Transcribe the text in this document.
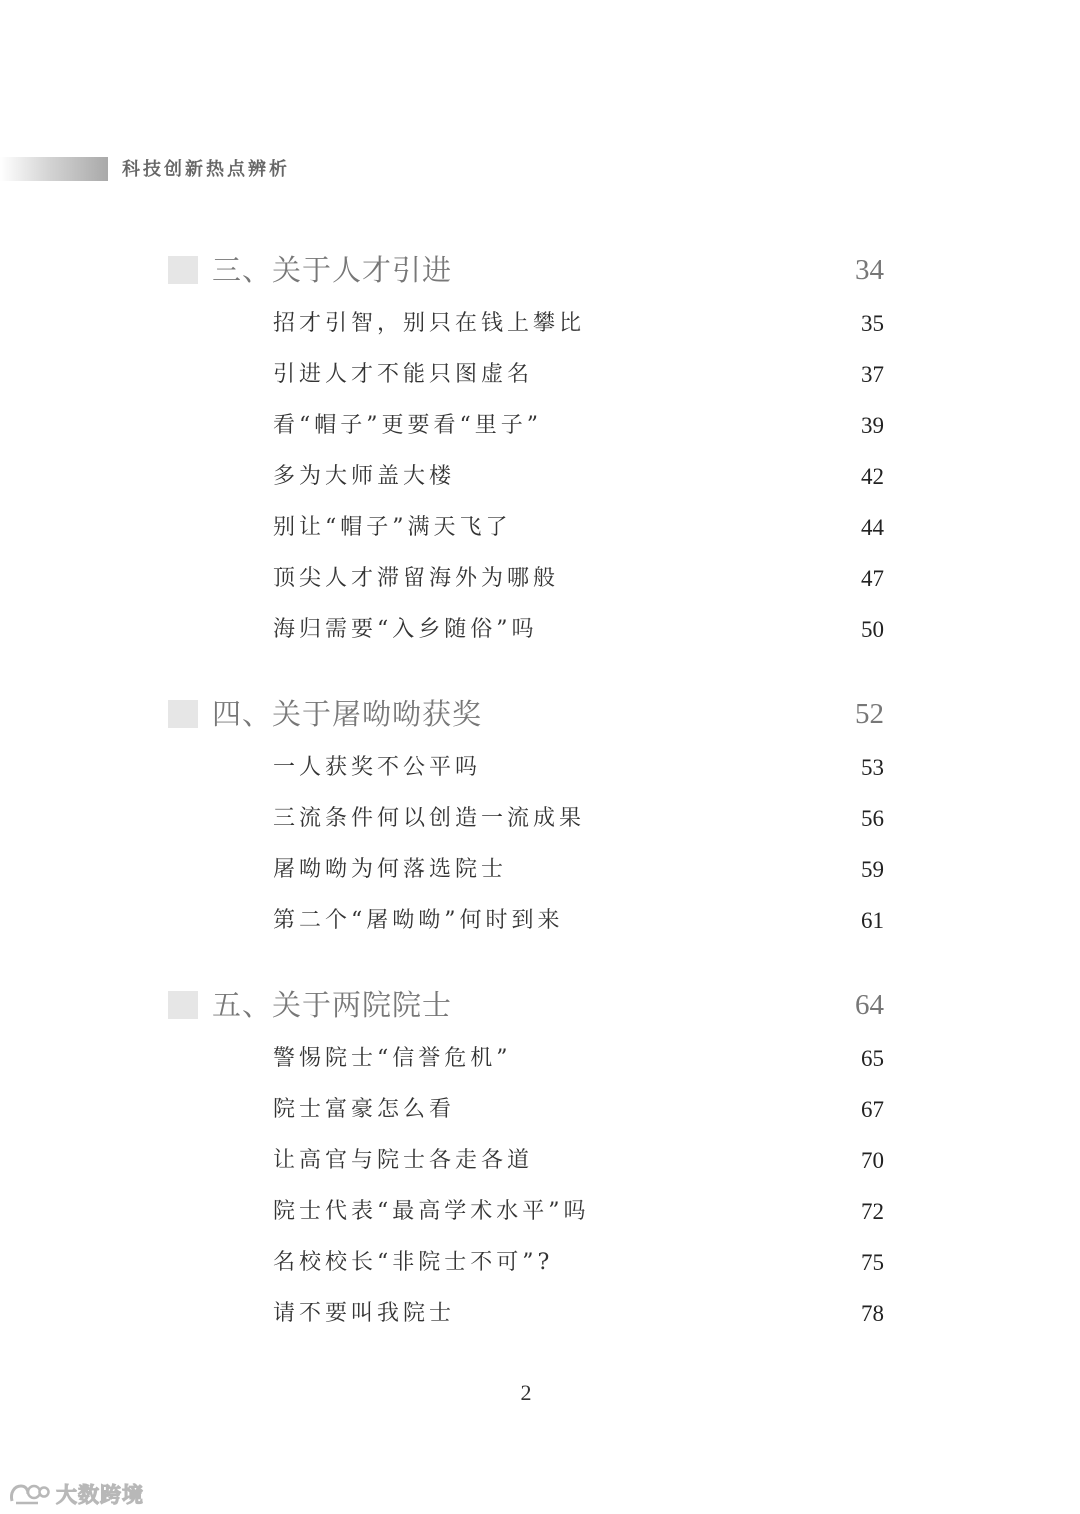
科技创新热点辨析
三、关于人才引进	34
招才引智，别只在钱上攀比	35
引进人才不能只图虚名	37
看“帽子”更要看“里子”	39
多为大师盖大楼	42
别让“帽子”满天飞了	44
顶尖人才滞留海外为哪般	47
海归需要“入乡随俗”吗	50
四、关于屠呦呦获奖	52
一人获奖不公平吗	53
三流条件何以创造一流成果	56
屠呦呦为何落选院士	59
第二个“屠呦呦”何时到来	61
五、关于两院院士	64
警惕院士“信誉危机”	65
院士富豪怎么看	67
让高官与院士各走各道	70
院士代表“最高学术水平”吗	72
名校校长“非院士不可”?	75
请不要叫我院士	78
2
大数跨境
